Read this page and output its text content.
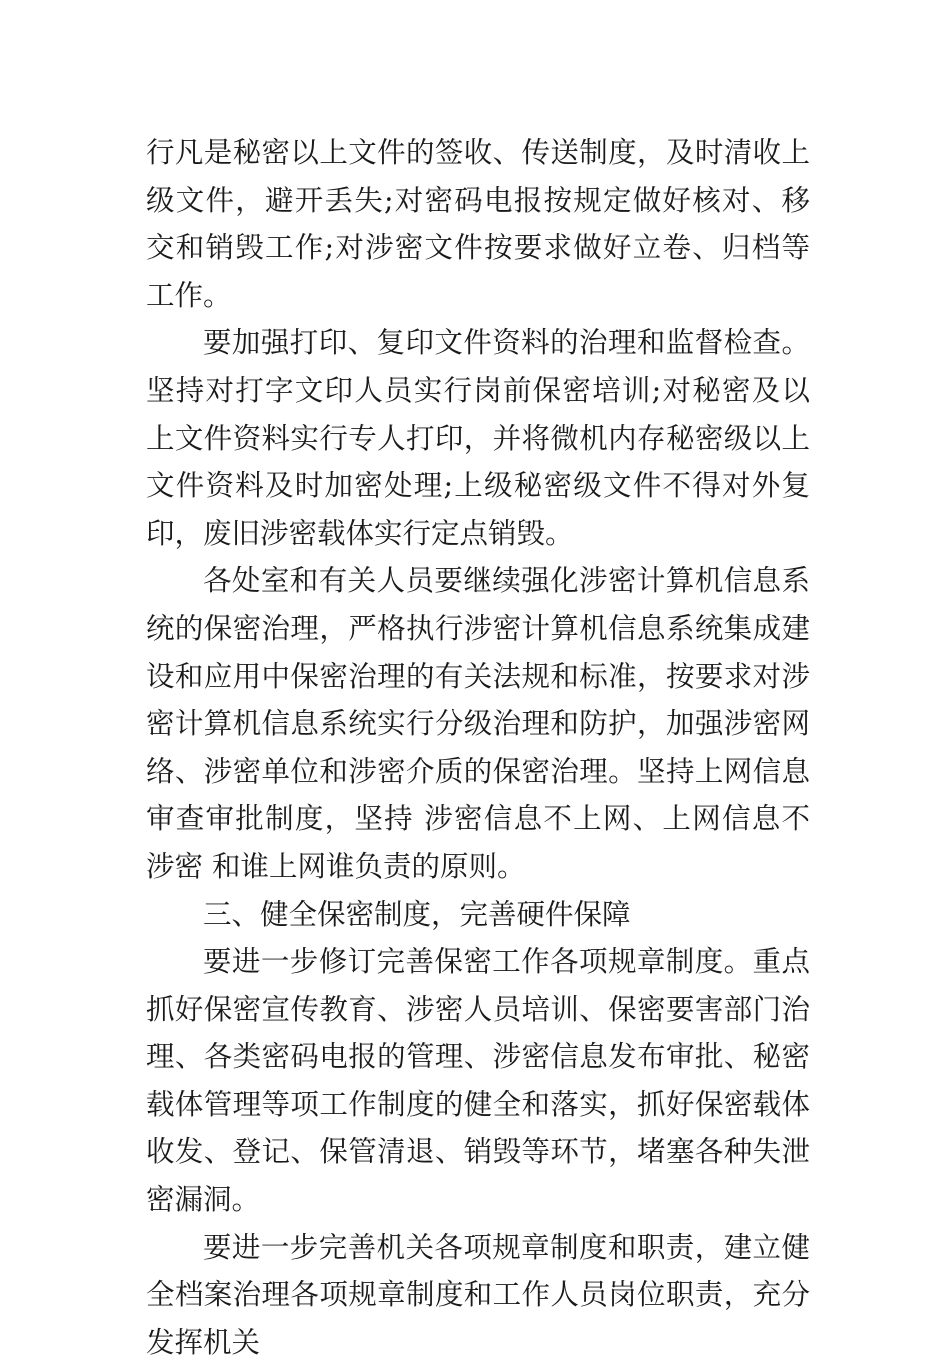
行凡是秘密以上文件的签收、传送制度，及时清收上级文件，避开丢失;对密码电报按规定做好核对、移交和销毁工作;对涉密文件按要求做好立卷、归档等工作。

要加强打印、复印文件资料的治理和监督检查。坚持对打字文印人员实行岗前保密培训;对秘密及以上文件资料实行专人打印，并将微机内存秘密级以上文件资料及时加密处理;上级秘密级文件不得对外复印，废旧涉密载体实行定点销毁。

各处室和有关人员要继续强化涉密计算机信息系统的保密治理，严格执行涉密计算机信息系统集成建设和应用中保密治理的有关法规和标准，按要求对涉密计算机信息系统实行分级治理和防护，加强涉密网络、涉密单位和涉密介质的保密治理。坚持上网信息审查审批制度，坚持 涉密信息不上网、上网信息不涉密 和谁上网谁负责的原则。

三、健全保密制度，完善硬件保障

要进一步修订完善保密工作各项规章制度。重点抓好保密宣传教育、涉密人员培训、保密要害部门治理、各类密码电报的管理、涉密信息发布审批、秘密载体管理等项工作制度的健全和落实，抓好保密载体收发、登记、保管清退、销毁等环节，堵塞各种失泄密漏洞。

要进一步完善机关各项规章制度和职责，建立健全档案治理各项规章制度和工作人员岗位职责，充分发挥机关
